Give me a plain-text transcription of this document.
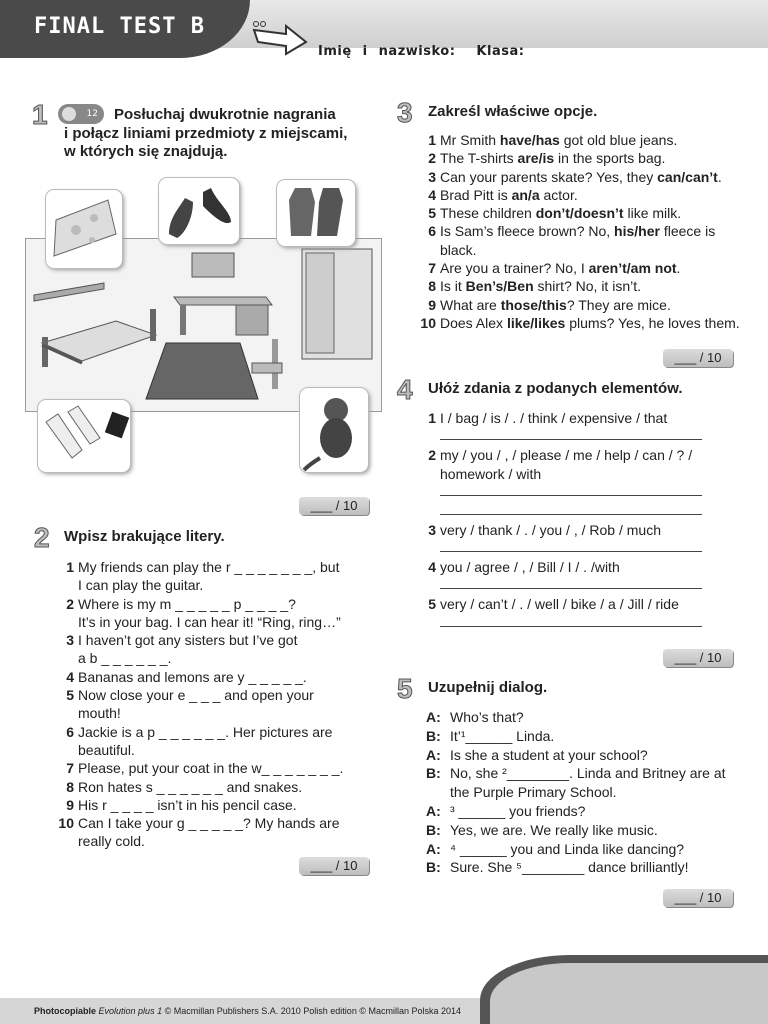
FINAL TEST B
Imię i nazwisko: Klasa:
1	12	Posłuchaj dwukrotnie nagrania
i połącz liniami przedmioty z miejscami,
w których się znajdują.
___ / 10
2 Wpisz brakujące litery.
1 My friends can play the r _ _ _ _ _ _ _, but
I can play the guitar.
2 Where is my m _ _ _ _ _ p _ _ _ _?
It’s in your bag. I can hear it! “Ring, ring…”
3 I haven’t got any sisters but I’ve got
a b _ _ _ _ _ _.
4 Bananas and lemons are y _ _ _ _ _.
5 Now close your e _ _ _ and open your
mouth!
6 Jackie is a p _ _ _ _ _ _. Her pictures are
beautiful.
7 Please, put your coat in the w_ _ _ _ _ _ _.
8 Ron hates s _ _ _ _ _ _ and snakes.
9 His r _ _ _ _ isn’t in his pencil case.
10 Can I take your g _ _ _ _ _? My hands are
really cold.
___ / 10
3	Zakreśl właściwe opcje.
1 Mr Smith have/has got old blue jeans.
2 The T-shirts are/is in the sports bag.
3 Can your parents skate? Yes, they can/can’t.
4 Brad Pitt is an/a actor.
5 These children don’t/doesn’t like milk.
6 Is Sam’s fleece brown? No, his/her fleece is
black.
7 Are you a trainer? No, I aren’t/am not.
8 Is it Ben’s/Ben shirt? No, it isn’t.
9 What are those/this? They are mice.
10 Does Alex like/likes plums? Yes, he loves them.
___ / 10
4	Ułóż zdania z podanych elementów.
1 I / bag / is / . / think / expensive / that
2 my / you / , / please / me / help / can / ? /
homework / with
3 very / thank / . / you / , / Rob / much
4 you / agree / , / Bill / I / . /with
5 very / can’t / . / well / bike / a / Jill / ride
___ / 10
5	Uzupełnij dialog.
A: Who’s that?
B: It’¹______ Linda.
A: Is she a student at your school?
B: No, she ²________. Linda and Britney are at
the Purple Primary School.
A: ³ ______ you friends?
B: Yes, we are. We really like music.
A: ⁴ ______ you and Linda like dancing?
B: Sure. She ⁵________ dance brilliantly!
___ / 10
Photocopiable Evolution plus 1 © Macmillan Publishers S.A. 2010 Polish edition © Macmillan Polska 2014
